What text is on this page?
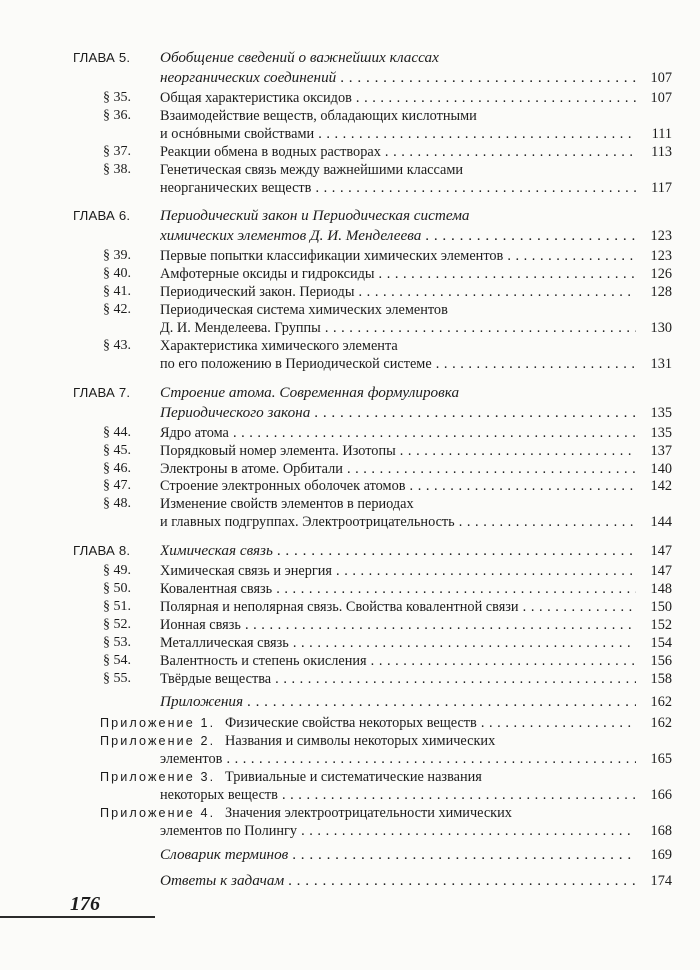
ГЛАВА 5. Обобщение сведений о важнейших классах
неорганических соединений . . .	107
§ 35. Общая характеристика оксидов . . .	107
§ 36. Взаимодействие веществ, обладающих кислотными
и оснóвными свойствами . . .	111
§ 37. Реакции обмена в водных растворах . . .	113
§ 38. Генетическая связь между важнейшими классами
неорганических веществ . . .	117
ГЛАВА 6. Периодический закон и Периодическая система
химических элементов Д. И. Менделеева . . .	123
§ 39. Первые попытки классификации химических элементов . . .	123
§ 40. Амфотерные оксиды и гидроксиды . . .	126
§ 41. Периодический закон. Периоды . . .	128
§ 42. Периодическая система химических элементов
Д. И. Менделеева. Группы . . .	130
§ 43. Характеристика химического элемента
по его положению в Периодической системе . . .	131
ГЛАВА 7. Строение атома. Современная формулировка
Периодического закона . . .	135
§ 44. Ядро атома . . .	135
§ 45. Порядковый номер элемента. Изотопы . . .	137
§ 46. Электроны в атоме. Орбитали . . .	140
§ 47. Строение электронных оболочек атомов . . .	142
§ 48. Изменение свойств элементов в периодах
и главных подгруппах. Электроотрицательность . . .	144
ГЛАВА 8. Химическая связь . . .	147
§ 49. Химическая связь и энергия . . .	147
§ 50. Ковалентная связь . . .	148
§ 51. Полярная и неполярная связь. Свойства ковалентной связи . . .	150
§ 52. Ионная связь . . .	152
§ 53. Металлическая связь . . .	154
§ 54. Валентность и степень окисления . . .	156
§ 55. Твёрдые вещества . . .	158
Приложения . . .	162
Приложение 1. Физические свойства некоторых веществ . . .	162
Приложение 2. Названия и символы некоторых химических
элементов . . .	165
Приложение 3. Тривиальные и систематические названия
некоторых веществ . . .	166
Приложение 4. Значения электроотрицательности химических
элементов по Полингу . . .	168
Словарик терминов . . .	169
Ответы к задачам . . .	174
176
